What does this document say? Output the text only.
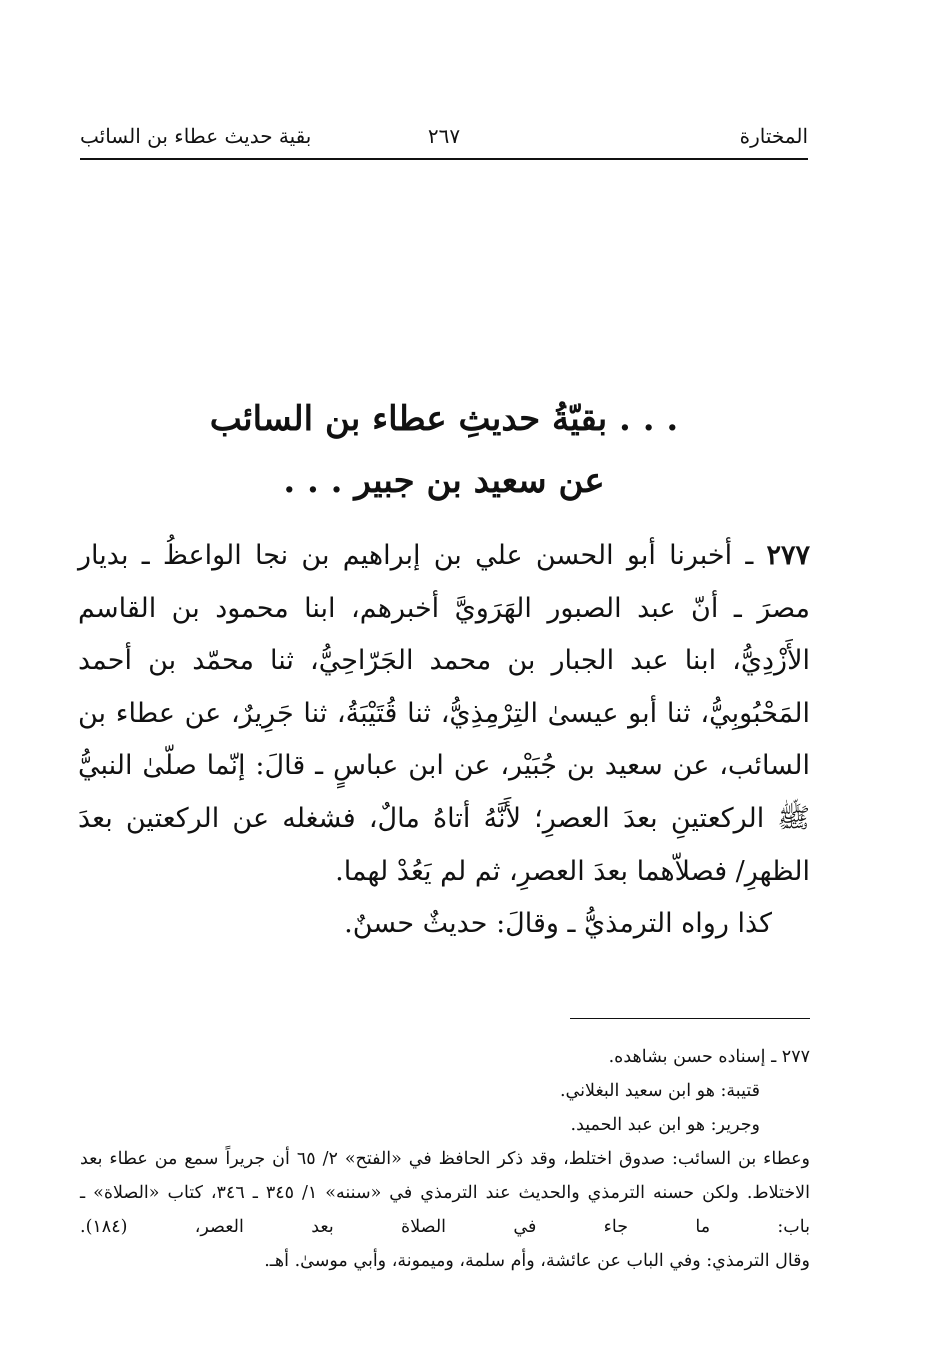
المختارة
٢٦٧
بقية حديث عطاء بن السائب
. . . بقيّةُ حديثِ عطاء بن السائب
عن سعيد بن جبير . . .
٢٧٧ ـ أخبرنا أبو الحسن علي بن إبراهيم بن نجا الواعظُ ـ بديار مصرَ ـ أنّ عبد الصبور الهَرَويَّ أخبرهم، ابنا محمود بن القاسم الأَزْدِيُّ، ابنا عبد الجبار بن محمد الجَرّاحِيُّ، ثنا محمّد بن أحمد المَحْبُوبِيُّ، ثنا أبو عيسىٰ التِرْمِذِيُّ، ثنا قُتَيْبَةُ، ثنا جَرِيرٌ، عن عطاء بن السائب، عن سعيد بن جُبَيْر، عن ابن عباسٍ ـ قالَ: إنّما صلّىٰ النبيُّ ﷺ الركعتينِ بعدَ العصرِ؛ لأَنَّهُ أتاهُ مالٌ، فشغله عن الركعتين بعدَ الظهرِ/ فصلاّهما بعدَ العصرِ، ثم لم يَعُدْ لهما.
كذا رواه الترمذيُّ ـ وقالَ: حديثٌ حسنٌ.
٢٧٧ ـ إسناده حسن بشاهده.
قتيبة: هو ابن سعيد البغلاني.
وجرير: هو ابن عبد الحميد.
وعطاء بن السائب: صدوق اختلط، وقد ذكر الحافظ في «الفتح» ٢/ ٦٥ أن جريراً سمع من عطاء بعد الاختلاط. ولكن حسنه الترمذي والحديث عند الترمذي في «سننه» ١/ ٣٤٥ ـ ٣٤٦، كتاب «الصلاة» ـ باب: ما جاء في الصلاة بعد العصر، (١٨٤).
وقال الترمذي: وفي الباب عن عائشة، وأم سلمة، وميمونة، وأبي موسىٰ. أهـ.
